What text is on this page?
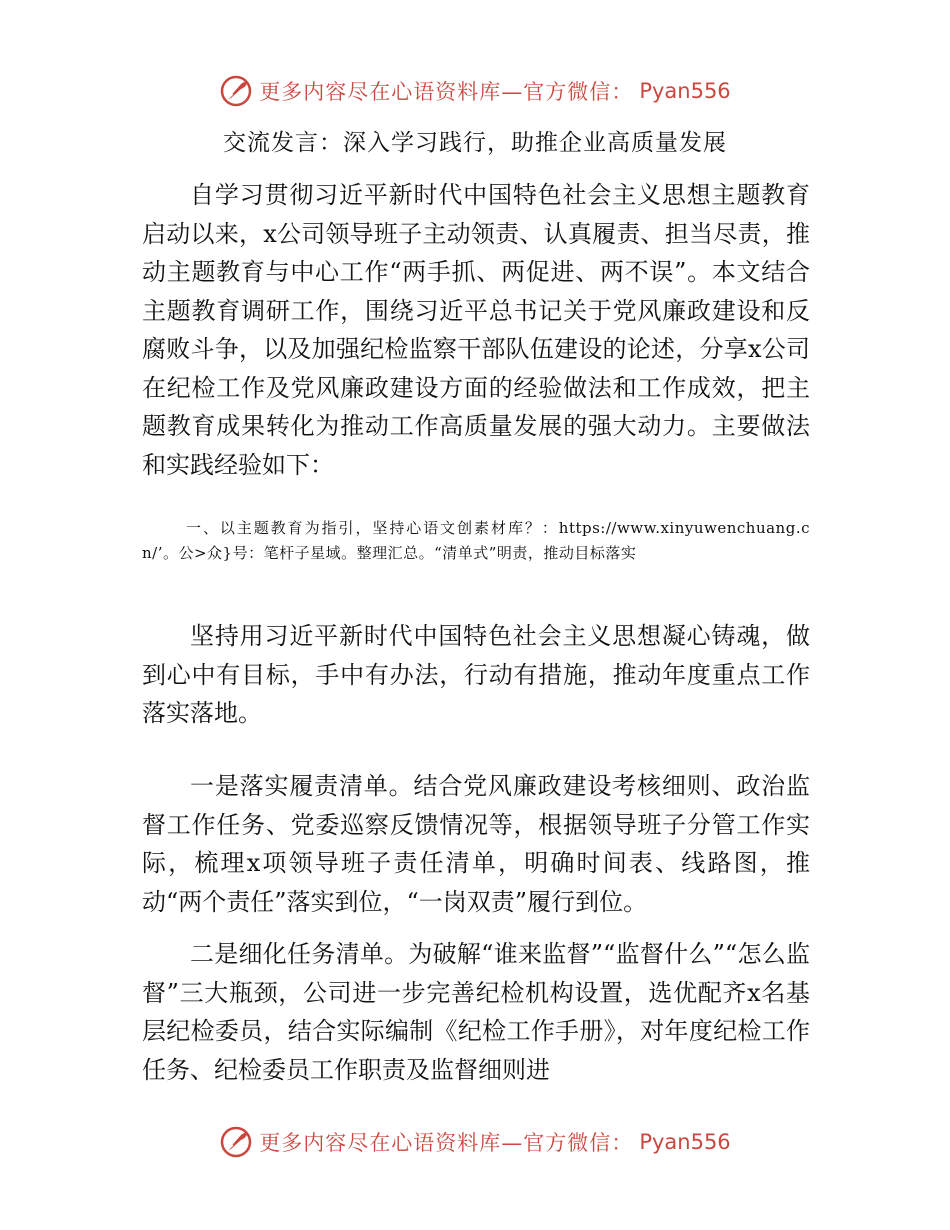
更多内容尽在心语资料库—官方微信： Pyan556
交流发言：深入学习践行，助推企业高质量发展

自学习贯彻习近平新时代中国特色社会主义思想主题教育启动以来，x公司领导班子主动领责、认真履责、担当尽责，推动主题教育与中心工作“两手抓、两促进、两不误”。本文结合主题教育调研工作，围绕习近平总书记关于党风廉政建设和反腐败斗争，以及加强纪检监察干部队伍建设的论述，分享x公司在纪检工作及党风廉政建设方面的经验做法和工作成效，把主题教育成果转化为推动工作高质量发展的强大动力。主要做法和实践经验如下：

一、以主题教育为指引，坚持心语文创素材库？：https://www.xinyuwenchuang.cn/’。公>众}号：笔杆子星域。整理汇总。“清单式”明责，推动目标落实

坚持用习近平新时代中国特色社会主义思想凝心铸魂，做到心中有目标，手中有办法，行动有措施，推动年度重点工作落实落地。

一是落实履责清单。结合党风廉政建设考核细则、政治监督工作任务、党委巡察反馈情况等，根据领导班子分管工作实际，梳理x项领导班子责任清单，明确时间表、线路图，推动“两个责任”落实到位，“一岗双责”履行到位。

二是细化任务清单。为破解“谁来监督”“监督什么”“怎么监督”三大瓶颈，公司进一步完善纪检机构设置，选优配齐x名基层纪检委员，结合实际编制《纪检工作手册》，对年度纪检工作任务、纪检委员工作职责及监督细则进

更多内容尽在心语资料库—官方微信： Pyan556
